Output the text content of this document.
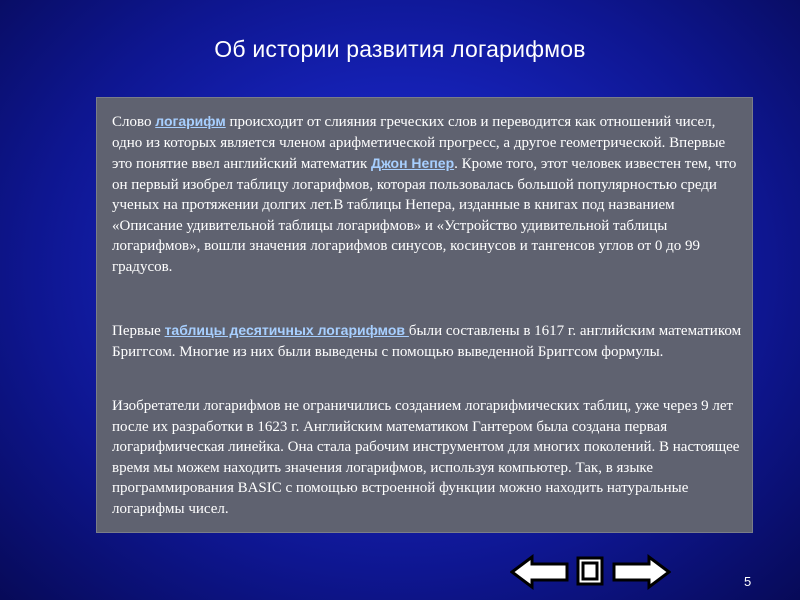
Об истории развития логарифмов

Слово логарифм происходит от слияния греческих слов и переводится как отношений чисел, одно из которых является членом арифметической прогресс, а другое геометрической. Впервые это понятие ввел английский математик Джон Непер. Кроме того, этот человек известен тем, что он первый изобрел таблицу логарифмов, которая пользовалась большой популярностью среди ученых на протяжении долгих лет.В таблицы Непера, изданные в книгах под названием «Описание удивительной таблицы логарифмов» и «Устройство удивительной таблицы логарифмов», вошли значения логарифмов синусов, косинусов и тангенсов углов от 0 до 99 градусов.

Первые таблицы десятичных логарифмов были составлены в 1617 г. английским математиком Бриггсом. Многие из них были выведены с помощью выведенной Бриггсом формулы.

Изобретатели логарифмов не ограничились созданием логарифмических таблиц, уже через 9 лет после их разработки в 1623 г. Английским математиком Гантером была создана первая логарифмическая линейка. Она стала рабочим инструментом для многих поколений. В настоящее время мы можем находить значения логарифмов, используя компьютер. Так, в языке программирования BASIC с помощью встроенной функции можно находить натуральные логарифмы чисел.

5
